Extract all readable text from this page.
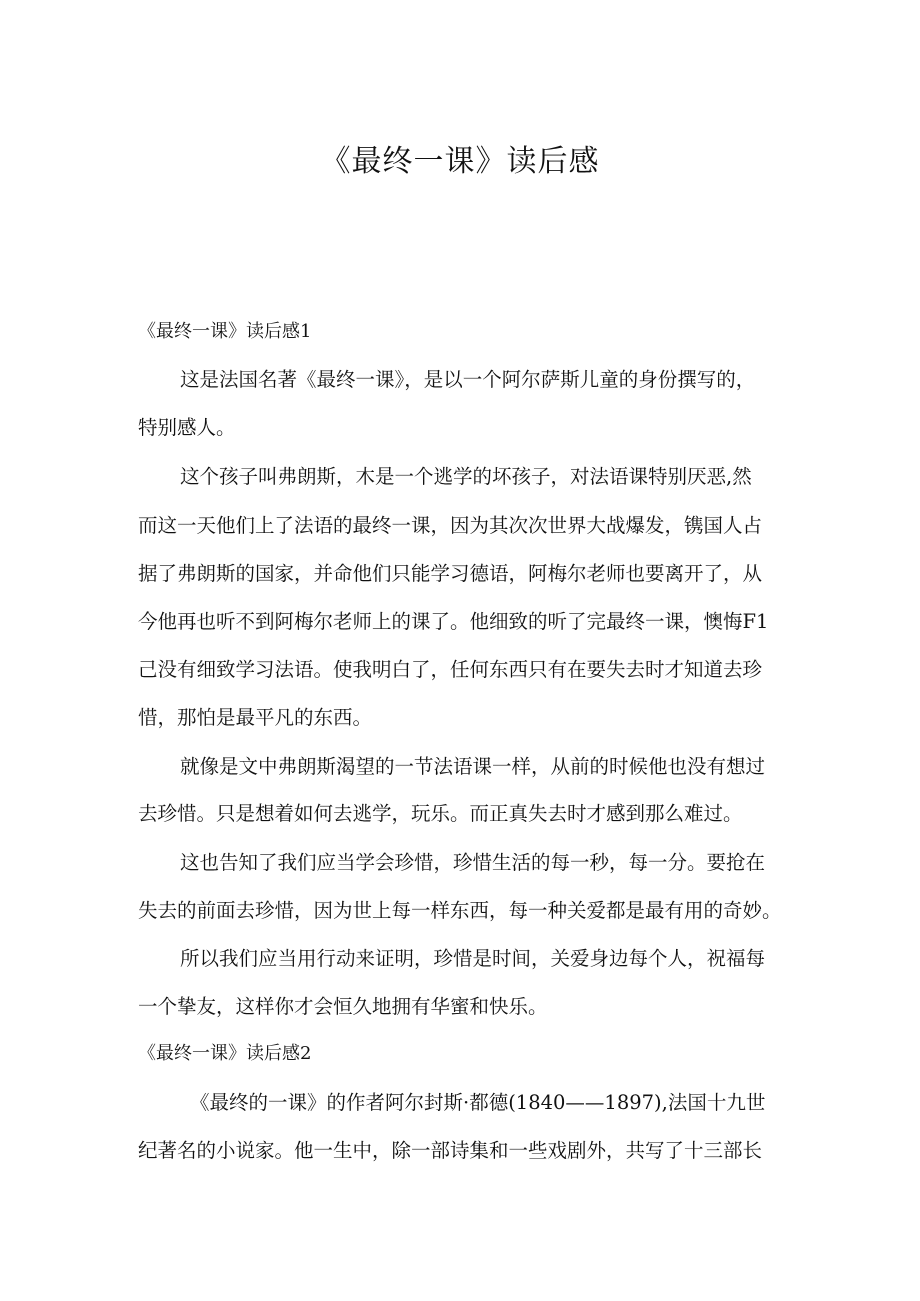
《最终一课》读后感
《最终一课》读后感1

这是法国名著《最终一课》，是以一个阿尔萨斯儿童的身份撰写的，

特别感人。

这个孩子叫弗朗斯，木是一个逃学的坏孩子，对法语课特别厌恶,然

而这一天他们上了法语的最终一课，因为其次次世界大战爆发，镌国人占

据了弗朗斯的国家，并命他们只能学习德语，阿梅尔老师也要离开了，从

今他再也听不到阿梅尔老师上的课了。他细致的听了完最终一课，懊悔F1

己没有细致学习法语。使我明白了，任何东西只有在要失去时才知道去珍

惜，那怕是最平凡的东西。

就像是文中弗朗斯渴望的一节法语课一样，从前的时候他也没有想过

去珍惜。只是想着如何去逃学，玩乐。而正真失去时才感到那么难过。

这也告知了我们应当学会珍惜，珍惜生活的每一秒，每一分。要抢在

失去的前面去珍惜，因为世上每一样东西，每一种关爱都是最有用的奇妙。

所以我们应当用行动来证明，珍惜是时间，关爱身边每个人，祝福每

一个挚友，这样你才会恒久地拥有华蜜和快乐。

《最终一课》读后感2

《最终的一课》的作者阿尔封斯·都德(1840——1897),法国十九世

纪著名的小说家。他一生中，除一部诗集和一些戏剧外，共写了十三部长
